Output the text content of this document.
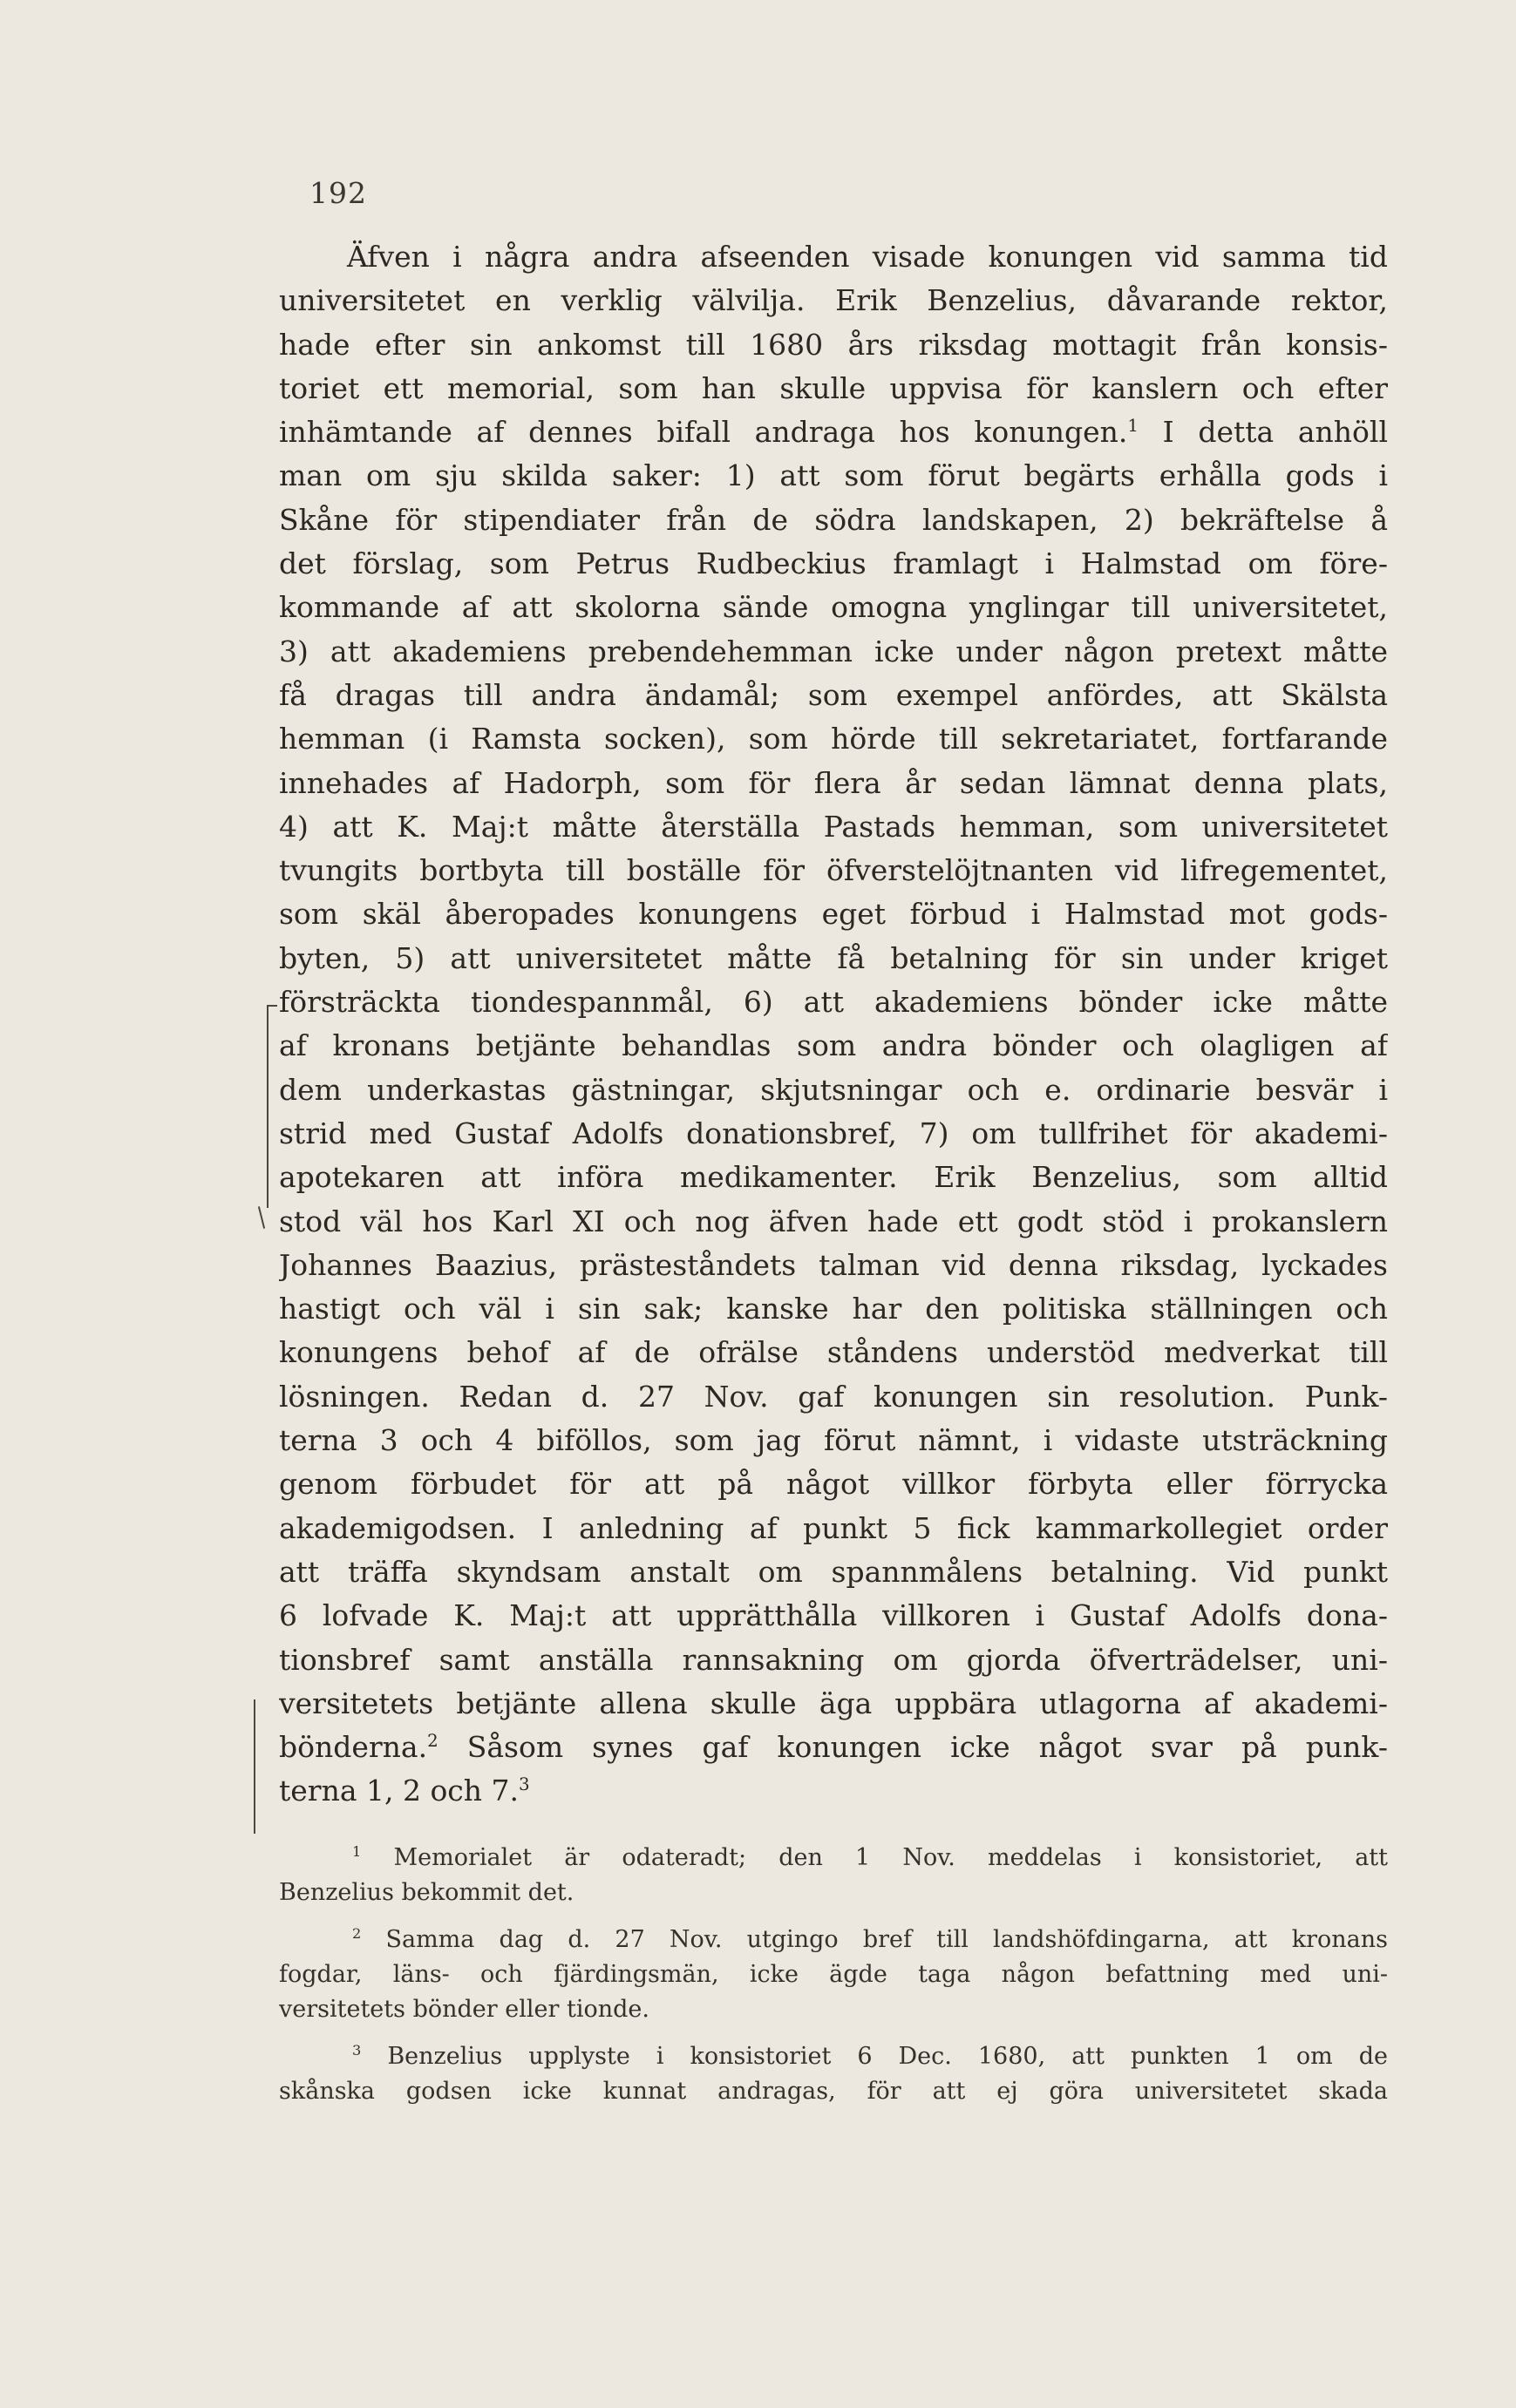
192
Äfven i några andra afseenden visade konungen vid samma tid
universitetet en verklig välvilja. Erik Benzelius, dåvarande rektor,
hade efter sin ankomst till 1680 års riksdag mottagit från konsis-
toriet ett memorial, som han skulle uppvisa för kanslern och efter
inhämtande af dennes bifall andraga hos konungen.$^1$ I detta anhöll
man om sju skilda saker: 1) att som förut begärts erhålla gods i
Skåne för stipendiater från de södra landskapen, 2) bekräftelse å
det förslag, som Petrus Rudbeckius framlagt i Halmstad om före-
kommande af att skolorna sände omogna ynglingar till universitetet,
3) att akademiens prebendehemman icke under någon pretext måtte
få dragas till andra ändamål; som exempel anfördes, att Skälsta
hemman (i Ramsta socken), som hörde till sekretariatet, fortfarande
innehades af Hadorph, som för flera år sedan lämnat denna plats,
4) att K. Maj:t måtte återställa Pastads hemman, som universitetet
tvungits bortbyta till boställe för öfverstelöjtnanten vid lifregementet,
som skäl åberopades konungens eget förbud i Halmstad mot gods-
byten, 5) att universitetet måtte få betalning för sin under kriget
försträckta tiondespannmål, 6) att akademiens bönder icke måtte
af kronans betjänte behandlas som andra bönder och olagligen af
dem underkastas gästningar, skjutsningar och e. ordinarie besvär i
strid med Gustaf Adolfs donationsbref, 7) om tullfrihet för akademi-
apotekaren att införa medikamenter. Erik Benzelius, som alltid
stod väl hos Karl XI och nog äfven hade ett godt stöd i prokanslern
Johannes Baazius, prästeståndets talman vid denna riksdag, lyckades
hastigt och väl i sin sak; kanske har den politiska ställningen och
konungens behof af de ofrälse ståndens understöd medverkat till
lösningen. Redan d. 27 Nov. gaf konungen sin resolution. Punk-
terna 3 och 4 biföllos, som jag förut nämnt, i vidaste utsträckning
genom förbudet för att på något villkor förbyta eller förrycka
akademigodsen. I anledning af punkt 5 fick kammarkollegiet order
att träffa skyndsam anstalt om spannmålens betalning. Vid punkt
6 lofvade K. Maj:t att upprätthålla villkoren i Gustaf Adolfs dona-
tionsbref samt anställa rannsakning om gjorda öfverträdelser, uni-
versitetets betjänte allena skulle äga uppbära utlagorna af akademi-
bönderna.$^2$ Såsom synes gaf konungen icke något svar på punk-
terna 1, 2 och 7.$^3$
$^1$ Memorialet är odateradt; den 1 Nov. meddelas i konsistoriet, att
Benzelius bekommit det.
$^2$ Samma dag d. 27 Nov. utgingo bref till landshöfdingarna, att kronans
fogdar, läns- och fjärdingsmän, icke ägde taga någon befattning med uni-
versitetets bönder eller tionde.
$^3$ Benzelius upplyste i konsistoriet 6 Dec. 1680, att punkten 1 om de
skånska godsen icke kunnat andragas, för att ej göra universitetet skada
